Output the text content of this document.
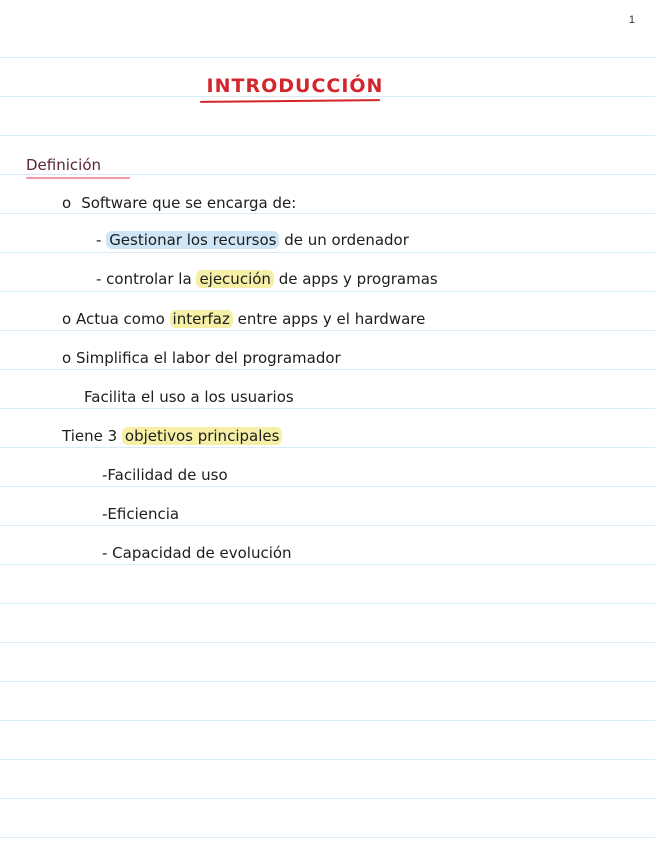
1
INTRODUCCIÓN
Definición
o Software que se encarga de:
- Gestionar los recursos de un ordenador
- controlar la ejecución de apps y programas
o Actua como interfaz entre apps y el hardware
o Simplifica el labor del programador
Facilita el uso a los usuarios
Tiene 3 objetivos principales
-Facilidad de uso
-Eficiencia
- Capacidad de evolución
